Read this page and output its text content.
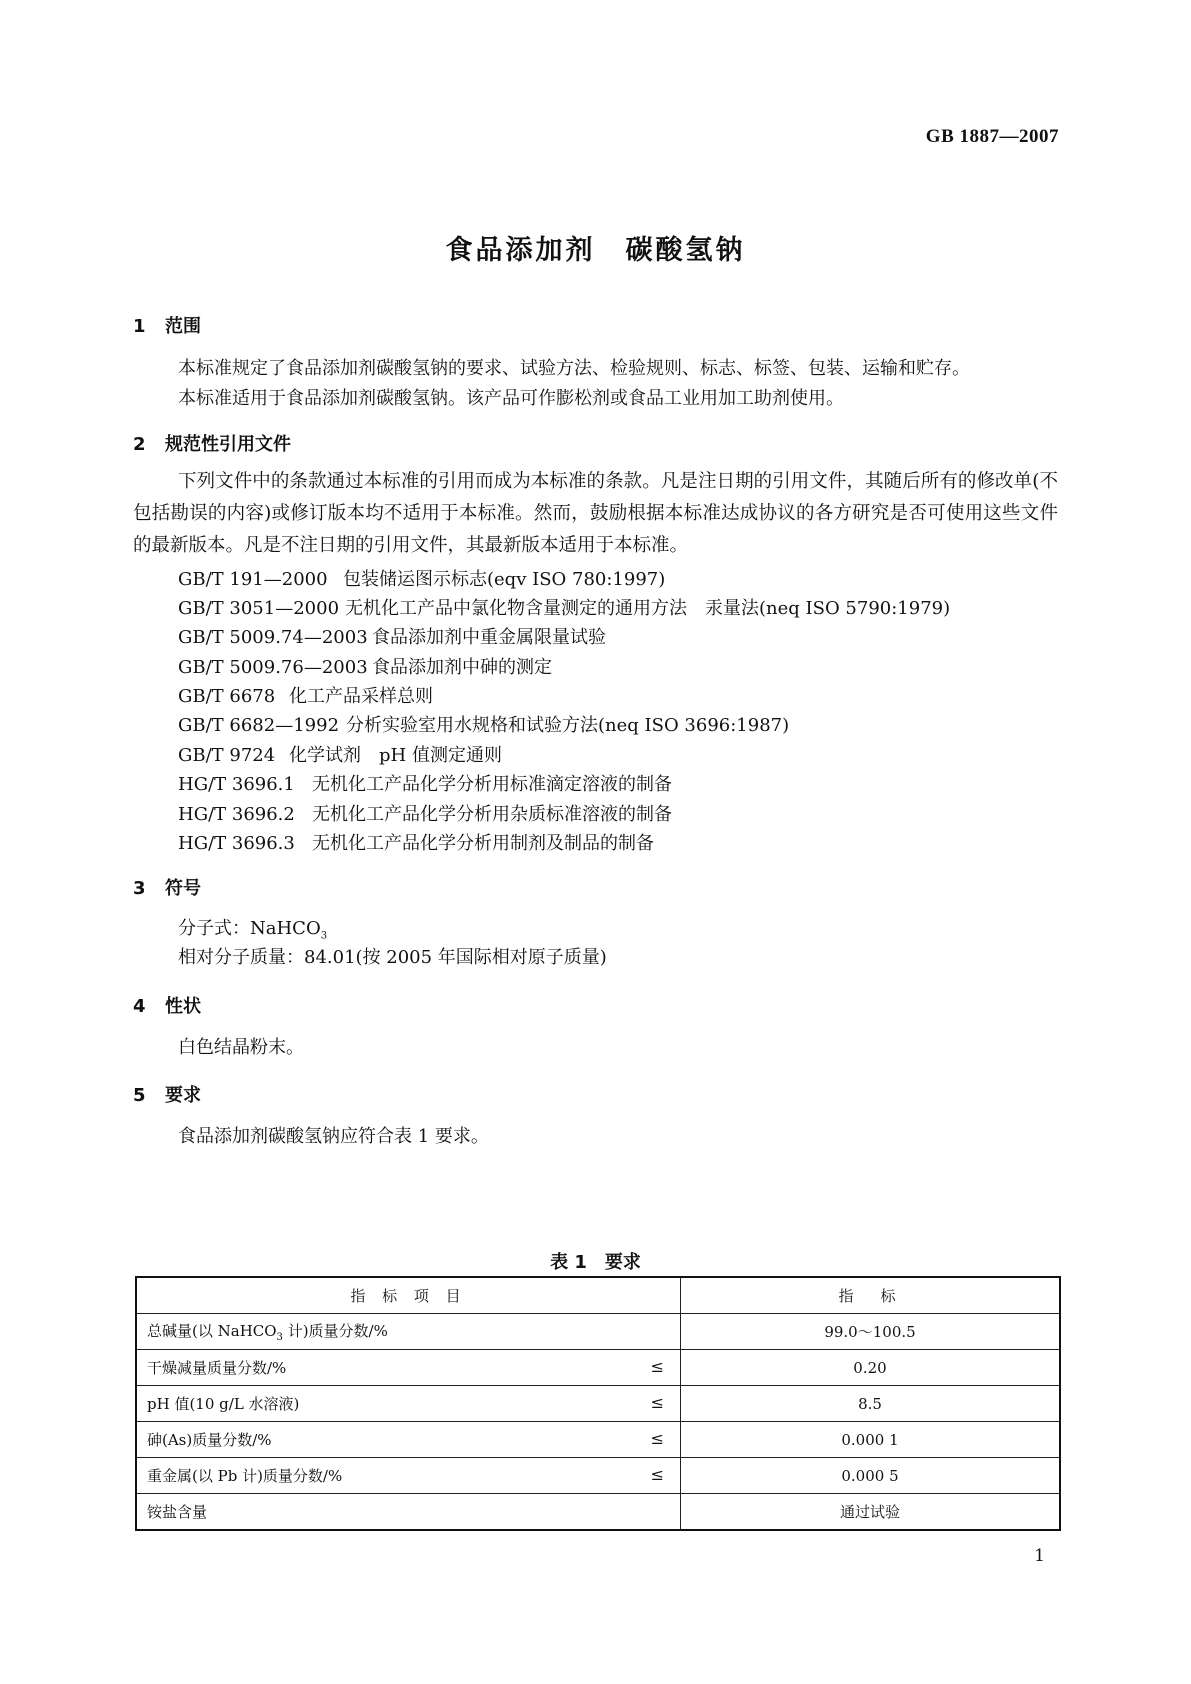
GB 1887—2007
食品添加剂　碳酸氢钠
1 范围
本标准规定了食品添加剂碳酸氢钠的要求、试验方法、检验规则、标志、标签、包装、运输和贮存。
本标准适用于食品添加剂碳酸氢钠。该产品可作膨松剂或食品工业用加工助剂使用。
2 规范性引用文件
下列文件中的条款通过本标准的引用而成为本标准的条款。凡是注日期的引用文件，其随后所有的修改单(不包括勘误的内容)或修订版本均不适用于本标准。然而，鼓励根据本标准达成协议的各方研究是否可使用这些文件的最新版本。凡是不注日期的引用文件，其最新版本适用于本标准。
GB/T 191—2000 包装储运图示标志(eqv ISO 780:1997)
GB/T 3051—2000 无机化工产品中氯化物含量测定的通用方法　汞量法(neq ISO 5790:1979)
GB/T 5009.74—2003 食品添加剂中重金属限量试验
GB/T 5009.76—2003 食品添加剂中砷的测定
GB/T 6678 化工产品采样总则
GB/T 6682—1992 分析实验室用水规格和试验方法(neq ISO 3696:1987)
GB/T 9724 化学试剂　pH 值测定通则
HG/T 3696.1 无机化工产品化学分析用标准滴定溶液的制备
HG/T 3696.2 无机化工产品化学分析用杂质标准溶液的制备
HG/T 3696.3 无机化工产品化学分析用制剂及制品的制备
3 符号
分子式：NaHCO$_3$
相对分子质量：84.01(按 2005 年国际相对原子质量)
4 性状
白色结晶粉末。
5 要求
食品添加剂碳酸氢钠应符合表 1 要求。
表 1　要求
指 标 项 目	指　标
总碱量(以 NaHCO$_3$ 计)质量分数/%	99.0～100.5
干燥减量质量分数/% ≤	0.20
pH 值(10 g/L 水溶液) ≤	8.5
砷(As)质量分数/% ≤	0.000 1
重金属(以 Pb 计)质量分数/% ≤	0.000 5
铵盐含量	通过试验
1
